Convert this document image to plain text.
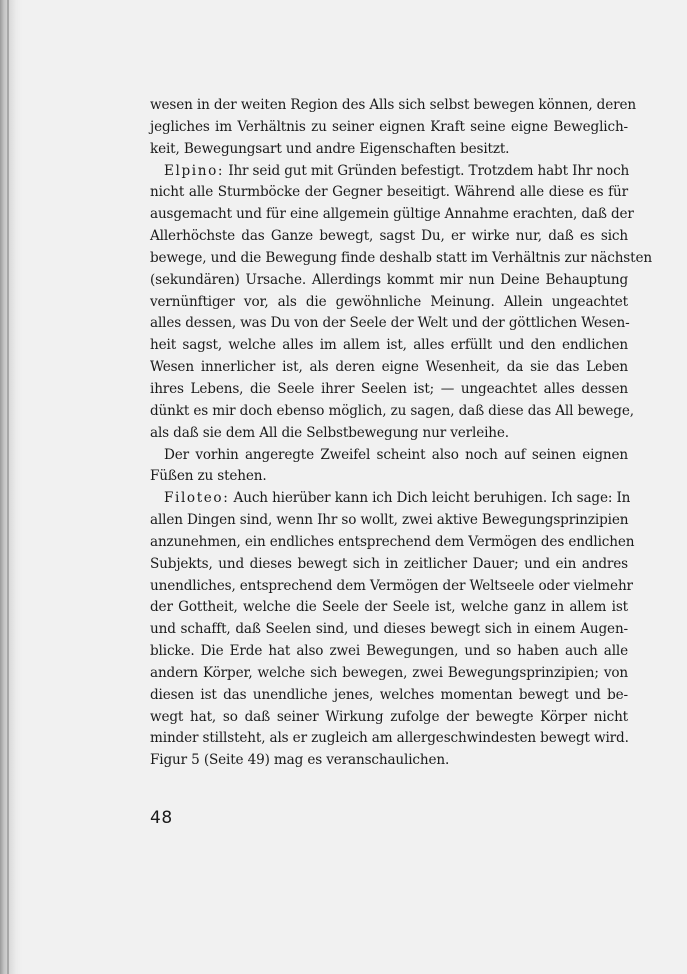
wesen in der weiten Region des Alls sich selbst bewegen können, deren
jegliches im Verhältnis zu seiner eignen Kraft seine eigne Beweglich-
keit, Bewegungsart und andre Eigenschaften besitzt.
Elpino: Ihr seid gut mit Gründen befestigt. Trotzdem habt Ihr noch
nicht alle Sturmböcke der Gegner beseitigt. Während alle diese es für
ausgemacht und für eine allgemein gültige Annahme erachten, daß der
Allerhöchste das Ganze bewegt, sagst Du, er wirke nur, daß es sich
bewege, und die Bewegung finde deshalb statt im Verhältnis zur nächsten
(sekundären) Ursache. Allerdings kommt mir nun Deine Behauptung
vernünftiger vor, als die gewöhnliche Meinung. Allein ungeachtet
alles dessen, was Du von der Seele der Welt und der göttlichen Wesen-
heit sagst, welche alles im allem ist, alles erfüllt und den endlichen
Wesen innerlicher ist, als deren eigne Wesenheit, da sie das Leben
ihres Lebens, die Seele ihrer Seelen ist; — ungeachtet alles dessen
dünkt es mir doch ebenso möglich, zu sagen, daß diese das All bewege,
als daß sie dem All die Selbstbewegung nur verleihe.
Der vorhin angeregte Zweifel scheint also noch auf seinen eignen
Füßen zu stehen.
Filoteo: Auch hierüber kann ich Dich leicht beruhigen. Ich sage: In
allen Dingen sind, wenn Ihr so wollt, zwei aktive Bewegungsprinzipien
anzunehmen, ein endliches entsprechend dem Vermögen des endlichen
Subjekts, und dieses bewegt sich in zeitlicher Dauer; und ein andres
unendliches, entsprechend dem Vermögen der Weltseele oder vielmehr
der Gottheit, welche die Seele der Seele ist, welche ganz in allem ist
und schafft, daß Seelen sind, und dieses bewegt sich in einem Augen-
blicke. Die Erde hat also zwei Bewegungen, und so haben auch alle
andern Körper, welche sich bewegen, zwei Bewegungsprinzipien; von
diesen ist das unendliche jenes, welches momentan bewegt und be-
wegt hat, so daß seiner Wirkung zufolge der bewegte Körper nicht
minder stillsteht, als er zugleich am allergeschwindesten bewegt wird.
Figur 5 (Seite 49) mag es veranschaulichen.
48
